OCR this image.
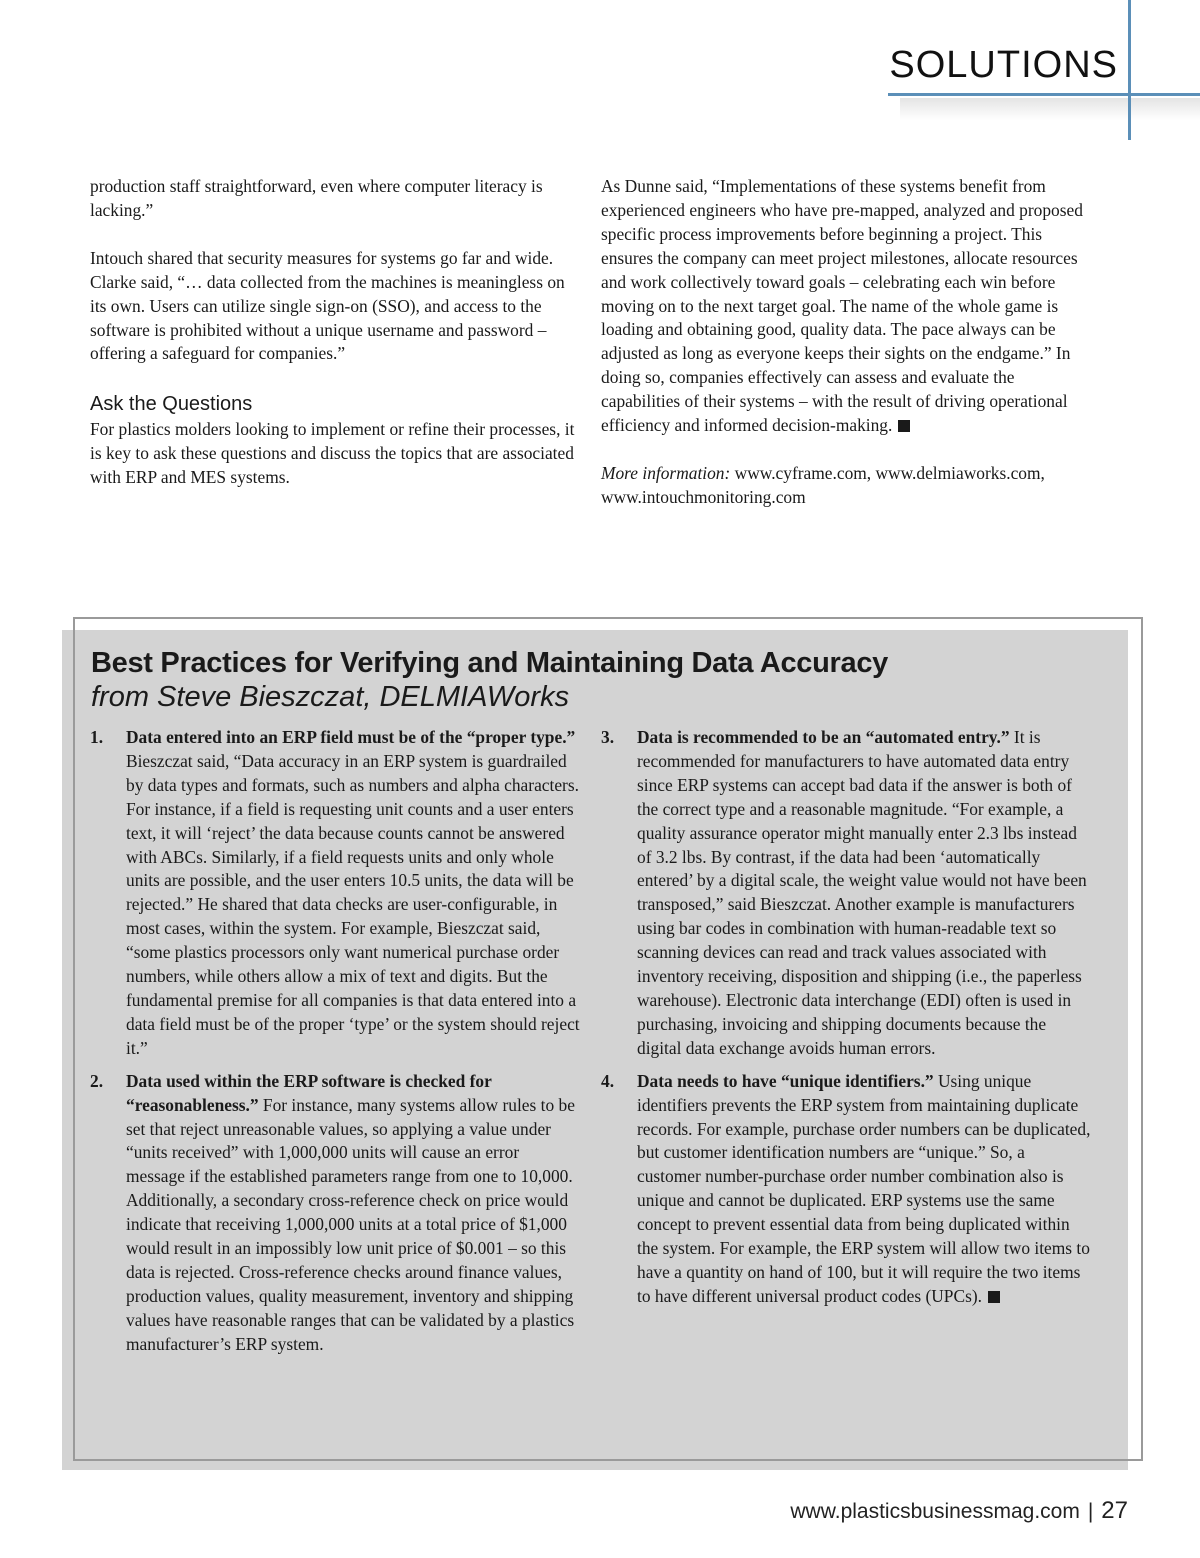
SOLUTIONS

production staff straightforward, even where computer literacy is lacking.”

Intouch shared that security measures for systems go far and wide. Clarke said, “… data collected from the machines is meaningless on its own. Users can utilize single sign-on (SSO), and access to the software is prohibited without a unique username and password – offering a safeguard for companies.”

Ask the Questions

For plastics molders looking to implement or refine their processes, it is key to ask these questions and discuss the topics that are associated with ERP and MES systems.

As Dunne said, “Implementations of these systems benefit from experienced engineers who have pre-mapped, analyzed and proposed specific process improvements before beginning a project. This ensures the company can meet project milestones, allocate resources and work collectively toward goals – celebrating each win before moving on to the next target goal. The name of the whole game is loading and obtaining good, quality data. The pace always can be adjusted as long as everyone keeps their sights on the endgame.” In doing so, companies effectively can assess and evaluate the capabilities of their systems – with the result of driving operational efficiency and informed decision-making.

More information: www.cyframe.com, www.delmiaworks.com, www.intouchmonitoring.com

Best Practices for Verifying and Maintaining Data Accuracy
from Steve Bieszczat, DELMIAWorks
1.	Data entered into an ERP field must be of the “proper type.” Bieszczat said, “Data accuracy in an ERP system is guardrailed by data types and formats, such as numbers and alpha characters. For instance, if a field is requesting unit counts and a user enters text, it will ‘reject’ the data because counts cannot be answered with ABCs. Similarly, if a field requests units and only whole units are possible, and the user enters 10.5 units, the data will be rejected.” He shared that data checks are user-configurable, in most cases, within the system. For example, Bieszczat said, “some plastics processors only want numerical purchase order numbers, while others allow a mix of text and digits. But the fundamental premise for all companies is that data entered into a data field must be of the proper ‘type’ or the system should reject it.”
2.	Data used within the ERP software is checked for “reasonableness.” For instance, many systems allow rules to be set that reject unreasonable values, so applying a value under “units received” with 1,000,000 units will cause an error message if the established parameters range from one to 10,000. Additionally, a secondary cross-reference check on price would indicate that receiving 1,000,000 units at a total price of $1,000 would result in an impossibly low unit price of $0.001 – so this data is rejected. Cross-reference checks around finance values, production values, quality measurement, inventory and shipping values have reasonable ranges that can be validated by a plastics manufacturer’s ERP system.
3.	Data is recommended to be an “automated entry.” It is recommended for manufacturers to have automated data entry since ERP systems can accept bad data if the answer is both of the correct type and a reasonable magnitude. “For example, a quality assurance operator might manually enter 2.3 lbs instead of 3.2 lbs. By contrast, if the data had been ‘automatically entered’ by a digital scale, the weight value would not have been transposed,” said Bieszczat. Another example is manufacturers using bar codes in combination with human-readable text so scanning devices can read and track values associated with inventory receiving, disposition and shipping (i.e., the paperless warehouse). Electronic data interchange (EDI) often is used in purchasing, invoicing and shipping documents because the digital data exchange avoids human errors.
4.	Data needs to have “unique identifiers.” Using unique identifiers prevents the ERP system from maintaining duplicate records. For example, purchase order numbers can be duplicated, but customer identification numbers are “unique.” So, a customer number-purchase order number combination also is unique and cannot be duplicated. ERP systems use the same concept to prevent essential data from being duplicated within the system. For example, the ERP system will allow two items to have a quantity on hand of 100, but it will require the two items to have different universal product codes (UPCs).
www.plasticsbusinessmag.com | 27
